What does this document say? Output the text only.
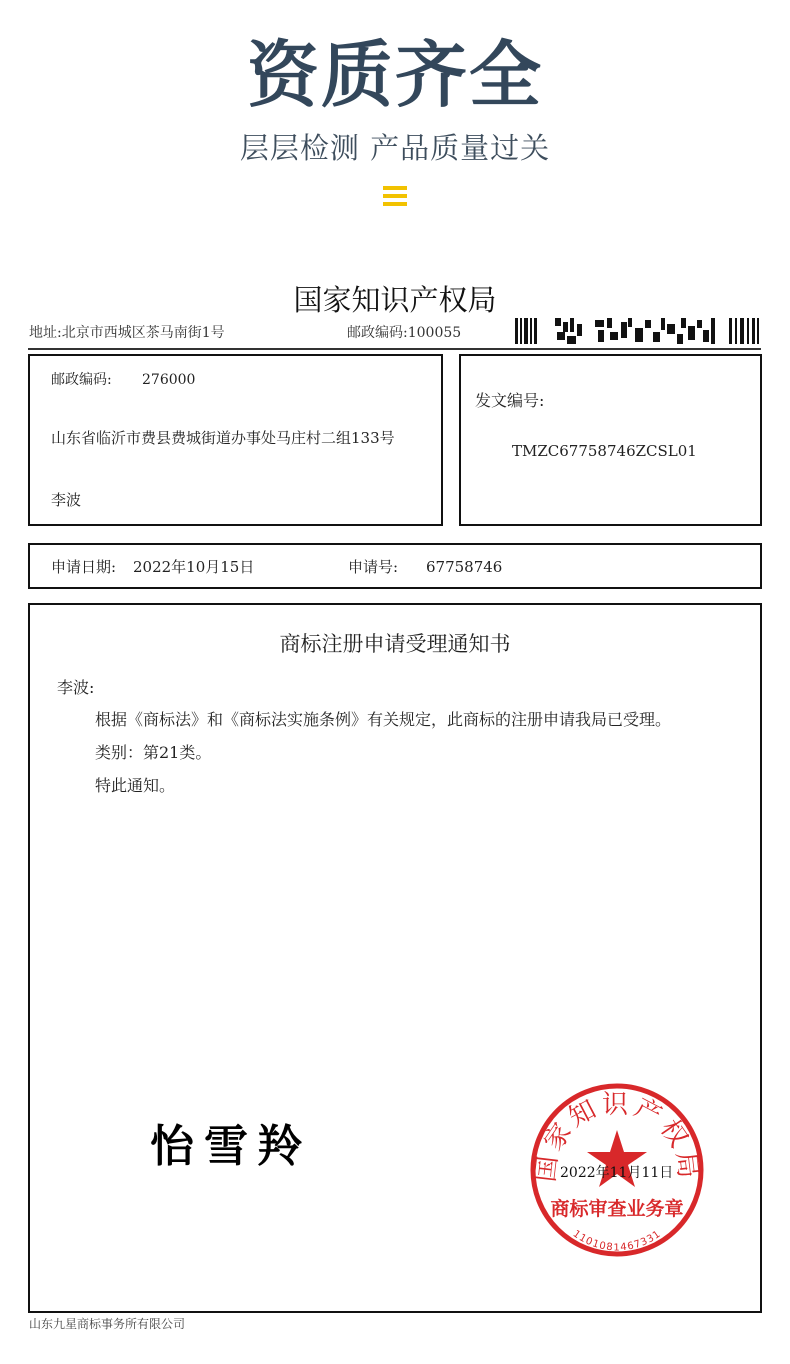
资质齐全
层层检测 产品质量过关
国家知识产权局
地址:北京市西城区茶马南街1号	邮政编码:100055
邮政编码: 276000
山东省临沂市费县费城街道办事处马庄村二组133号
李波
发文编号:
TMZC67758746ZCSL01
申请日期: 2022年10月15日	申请号: 67758746
商标注册申请受理通知书
李波:
根据《商标法》和《商标法实施条例》有关规定，此商标的注册申请我局已受理。
类别：第21类。
特此通知。
怡雪羚	国家知识产权局
商标审查业务章
1101081467331
2022年11月11日
山东九星商标事务所有限公司
